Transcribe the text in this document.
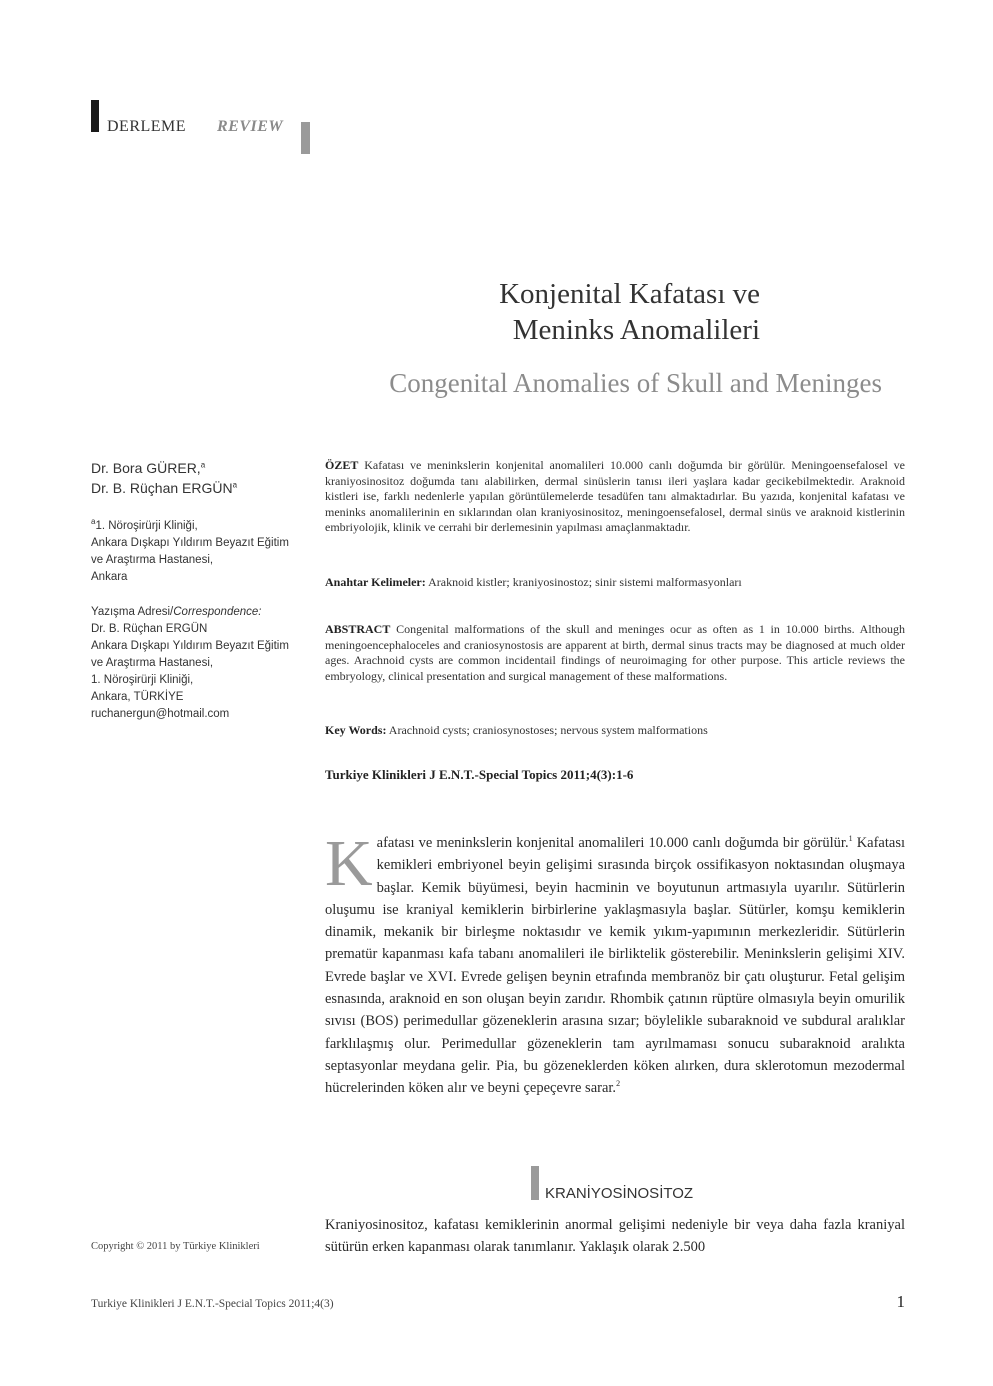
DERLEME REVIEW
Konjenital Kafatası ve
Meninks Anomalileri
Congenital Anomalies of Skull and Meninges
Dr. Bora GÜRER,$^a$
Dr. B. Rüçhan ERGÜN$^a$
$^a$1. Nöroşirürji Kliniği,
Ankara Dışkapı Yıldırım Beyazıt Eğitim
ve Araştırma Hastanesi,
Ankara
Yazışma Adresi/Correspondence:
Dr. B. Rüçhan ERGÜN
Ankara Dışkapı Yıldırım Beyazıt Eğitim
ve Araştırma Hastanesi,
1. Nöroşirürji Kliniği,
Ankara, TÜRKİYE
ruchanergun@hotmail.com
Copyright © 2011 by Türkiye Klinikleri
ÖZET Kafatası ve meninkslerin konjenital anomalileri 10.000 canlı doğumda bir görülür. Meningoensefalosel ve kraniyosinositoz doğumda tanı alabilirken, dermal sinüslerin tanısı ileri yaşlara kadar gecikebilmektedir. Araknoid kistleri ise, farklı nedenlerle yapılan görüntülemelerde tesadüfen tanı almaktadırlar. Bu yazıda, konjenital kafatası ve meninks anomalilerinin en sıklarından olan kraniyosinositoz, meningoensefalosel, dermal sinüs ve araknoid kistlerinin embriyolojik, klinik ve cerrahi bir derlemesinin yapılması amaçlanmaktadır.
Anahtar Kelimeler: Araknoid kistler; kraniyosinostoz; sinir sistemi malformasyonları
ABSTRACT Congenital malformations of the skull and meninges ocur as often as 1 in 10.000 births. Although meningoencephaloceles and craniosynostosis are apparent at birth, dermal sinus tracts may be diagnosed at much older ages. Arachnoid cysts are common incidentail findings of neuroimaging for other purpose. This article reviews the embryology, clinical presentation and surgical management of these malformations.
Key Words: Arachnoid cysts; craniosynostoses; nervous system malformations
Turkiye Klinikleri J E.N.T.-Special Topics 2011;4(3):1-6
Kafatası ve meninkslerin konjenital anomalileri 10.000 canlı doğumda bir görülür.$^1$ Kafatası kemikleri embriyonel beyin gelişimi sırasında birçok ossifikasyon noktasından oluşmaya başlar. Kemik büyümesi, beyin hacminin ve boyutunun artmasıyla uyarılır. Sütürlerin oluşumu ise kraniyal kemiklerin birbirlerine yaklaşmasıyla başlar. Sütürler, komşu kemiklerin dinamik, mekanik bir birleşme noktasıdır ve kemik yıkım-yapımının merkezleridir. Sütürlerin prematür kapanması kafa tabanı anomalileri ile birliktelik gösterebilir. Meninkslerin gelişimi XIV. Evrede başlar ve XVI. Evrede gelişen beynin etrafında membranöz bir çatı oluşturur. Fetal gelişim esnasında, araknoid en son oluşan beyin zarıdır. Rhombik çatının rüptüre olmasıyla beyin omurilik sıvısı (BOS) perimedullar gözeneklerin arasına sızar; böylelikle subaraknoid ve subdural aralıklar farklılaşmış olur. Perimedullar gözeneklerin tam ayrılmaması sonucu subaraknoid aralıkta septasyonlar meydana gelir. Pia, bu gözeneklerden köken alırken, dura sklerotomun mezodermal hücrelerinden köken alır ve beyni çepeçevre sarar.$^2$
KRANİYOSİNOSİTOZ
Kraniyosinositoz, kafatası kemiklerinin anormal gelişimi nedeniyle bir veya daha fazla kraniyal sütürün erken kapanması olarak tanımlanır. Yaklaşık olarak 2.500
Turkiye Klinikleri J E.N.T.-Special Topics 2011;4(3)	1
